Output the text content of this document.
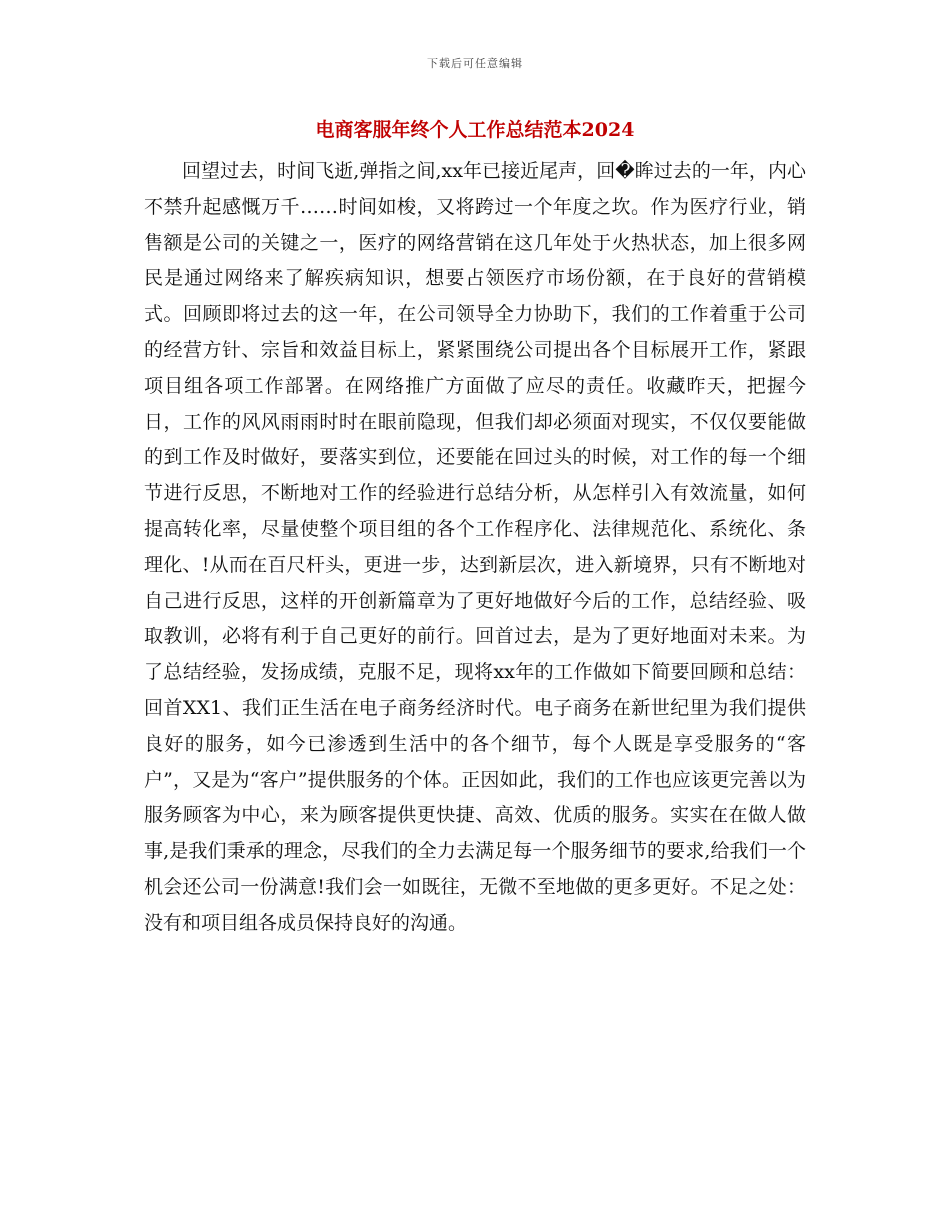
下载后可任意编辑
电商客服年终个人工作总结范本2024

回望过去，时间飞逝,弹指之间,xx年已接近尾声，回�眸过去的一年，内心不禁升起感慨万千……时间如梭，又将跨过一个年度之坎。作为医疗行业，销售额是公司的关键之一，医疗的网络营销在这几年处于火热状态，加上很多网民是通过网络来了解疾病知识，想要占领医疗市场份额，在于良好的营销模式。回顾即将过去的这一年，在公司领导全力协助下，我们的工作着重于公司的经营方针、宗旨和效益目标上，紧紧围绕公司提出各个目标展开工作，紧跟项目组各项工作部署。在网络推广方面做了应尽的责任。收藏昨天，把握今日，工作的风风雨雨时时在眼前隐现，但我们却必须面对现实，不仅仅要能做的到工作及时做好，要落实到位，还要能在回过头的时候，对工作的每一个细节进行反思，不断地对工作的经验进行总结分析，从怎样引入有效流量，如何提高转化率，尽量使整个项目组的各个工作程序化、法律规范化、系统化、条理化、!从而在百尺杆头，更进一步，达到新层次，进入新境界，只有不断地对自己进行反思，这样的开创新篇章为了更好地做好今后的工作，总结经验、吸取教训，必将有利于自己更好的前行。回首过去，是为了更好地面对未来。为了总结经验，发扬成绩，克服不足，现将xx年的工作做如下简要回顾和总结：回首XX1、我们正生活在电子商务经济时代。电子商务在新世纪里为我们提供良好的服务，如今已渗透到生活中的各个细节，每个人既是享受服务的“客户”，又是为“客户”提供服务的个体。正因如此，我们的工作也应该更完善以为服务顾客为中心，来为顾客提供更快捷、高效、优质的服务。实实在在做人做事,是我们秉承的理念，尽我们的全力去满足每一个服务细节的要求,给我们一个机会还公司一份满意!我们会一如既往，无微不至地做的更多更好。不足之处：没有和项目组各成员保持良好的沟通。
